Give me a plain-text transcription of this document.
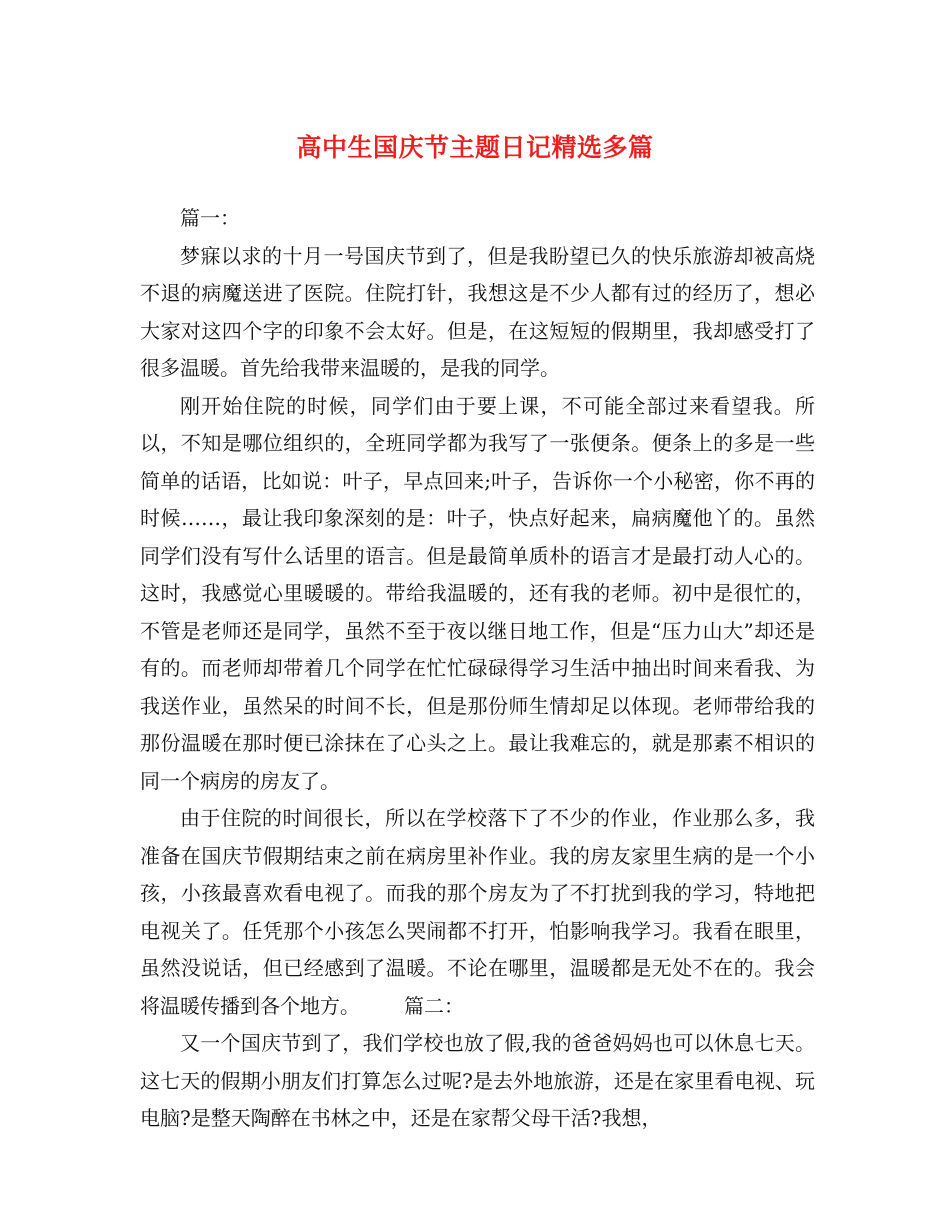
高中生国庆节主题日记精选多篇

篇一：

梦寐以求的十月一号国庆节到了，但是我盼望已久的快乐旅游却被高烧不退的病魔送进了医院。住院打针，我想这是不少人都有过的经历了，想必大家对这四个字的印象不会太好。但是，在这短短的假期里，我却感受打了很多温暖。首先给我带来温暖的，是我的同学。

刚开始住院的时候，同学们由于要上课，不可能全部过来看望我。所以，不知是哪位组织的，全班同学都为我写了一张便条。便条上的多是一些简单的话语，比如说：叶子，早点回来;叶子，告诉你一个小秘密，你不再的时候……，最让我印象深刻的是：叶子，快点好起来，扁病魔他丫的。虽然同学们没有写什么话里的语言。但是最简单质朴的语言才是最打动人心的。这时，我感觉心里暖暖的。带给我温暖的，还有我的老师。初中是很忙的，不管是老师还是同学，虽然不至于夜以继日地工作，但是“压力山大”却还是有的。而老师却带着几个同学在忙忙碌碌得学习生活中抽出时间来看我、为我送作业，虽然呆的时间不长，但是那份师生情却足以体现。老师带给我的那份温暖在那时便已涂抹在了心头之上。最让我难忘的，就是那素不相识的同一个病房的房友了。

由于住院的时间很长，所以在学校落下了不少的作业，作业那么多，我准备在国庆节假期结束之前在病房里补作业。我的房友家里生病的是一个小孩，小孩最喜欢看电视了。而我的那个房友为了不打扰到我的学习，特地把电视关了。任凭那个小孩怎么哭闹都不打开，怕影响我学习。我看在眼里，虽然没说话，但已经感到了温暖。不论在哪里，温暖都是无处不在的。我会将温暖传播到各个地方。 篇二：

又一个国庆节到了，我们学校也放了假,我的爸爸妈妈也可以休息七天。这七天的假期小朋友们打算怎么过呢?是去外地旅游，还是在家里看电视、玩电脑?是整天陶醉在书林之中，还是在家帮父母干活?我想，
